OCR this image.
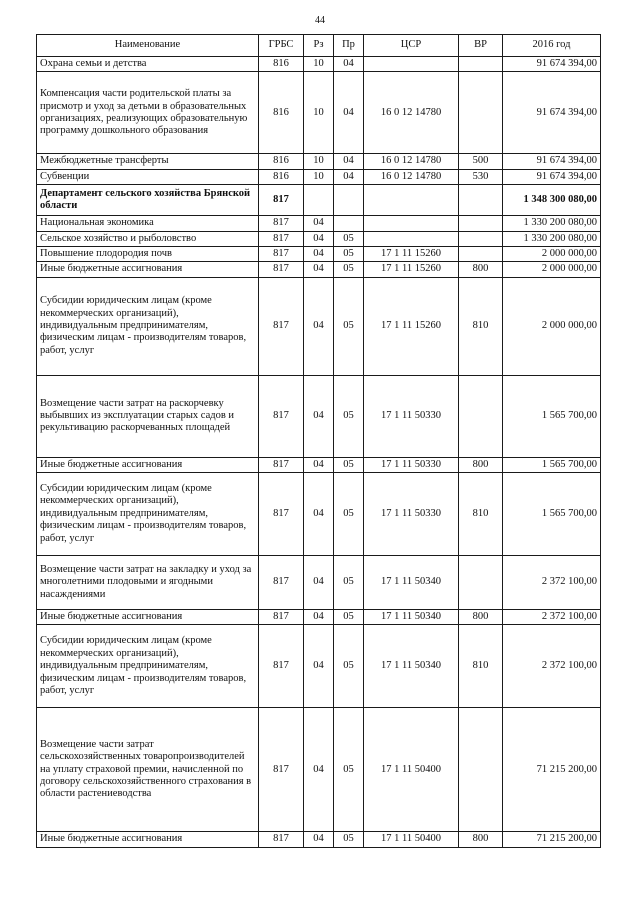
44
Наименование	ГРБС	Рз	Пр	ЦСР	ВР	2016 год
Охрана семьи и детства	816	10	04			91 674 394,00
Компенсация части родительской платы за присмотр и уход за детьми в образовательных организациях, реализующих образовательную программу дошкольного образования	816	10	04	16 0 12 14780		91 674 394,00
Межбюджетные трансферты	816	10	04	16 0 12 14780	500	91 674 394,00
Субвенции	816	10	04	16 0 12 14780	530	91 674 394,00
Департамент сельского хозяйства Брянской области	817					1 348 300 080,00
Национальная экономика	817	04				1 330 200 080,00
Сельское хозяйство и рыболовство	817	04	05			1 330 200 080,00
Повышение плодородия почв	817	04	05	17 1 11 15260		2 000 000,00
Иные бюджетные ассигнования	817	04	05	17 1 11 15260	800	2 000 000,00
Субсидии юридическим лицам (кроме некоммерческих организаций), индивидуальным предпринимателям, физическим лицам - производителям товаров, работ, услуг	817	04	05	17 1 11 15260	810	2 000 000,00
Возмещение части затрат на раскорчевку выбывших из эксплуатации старых садов и рекультивацию раскорчеванных площадей	817	04	05	17 1 11 50330		1 565 700,00
Иные бюджетные ассигнования	817	04	05	17 1 11 50330	800	1 565 700,00
Субсидии юридическим лицам (кроме некоммерческих организаций), индивидуальным предпринимателям, физическим лицам - производителям товаров, работ, услуг	817	04	05	17 1 11 50330	810	1 565 700,00
Возмещение части затрат на закладку и уход за многолетними плодовыми и ягодными насаждениями	817	04	05	17 1 11 50340		2 372 100,00
Иные бюджетные ассигнования	817	04	05	17 1 11 50340	800	2 372 100,00
Субсидии юридическим лицам (кроме некоммерческих организаций), индивидуальным предпринимателям, физическим лицам - производителям товаров, работ, услуг	817	04	05	17 1 11 50340	810	2 372 100,00
Возмещение части затрат сельскохозяйственных товаропроизводителей на уплату страховой премии, начисленной по договору сельскохозяйственного страхования в области растениеводства	817	04	05	17 1 11 50400		71 215 200,00
Иные бюджетные ассигнования	817	04	05	17 1 11 50400	800	71 215 200,00
